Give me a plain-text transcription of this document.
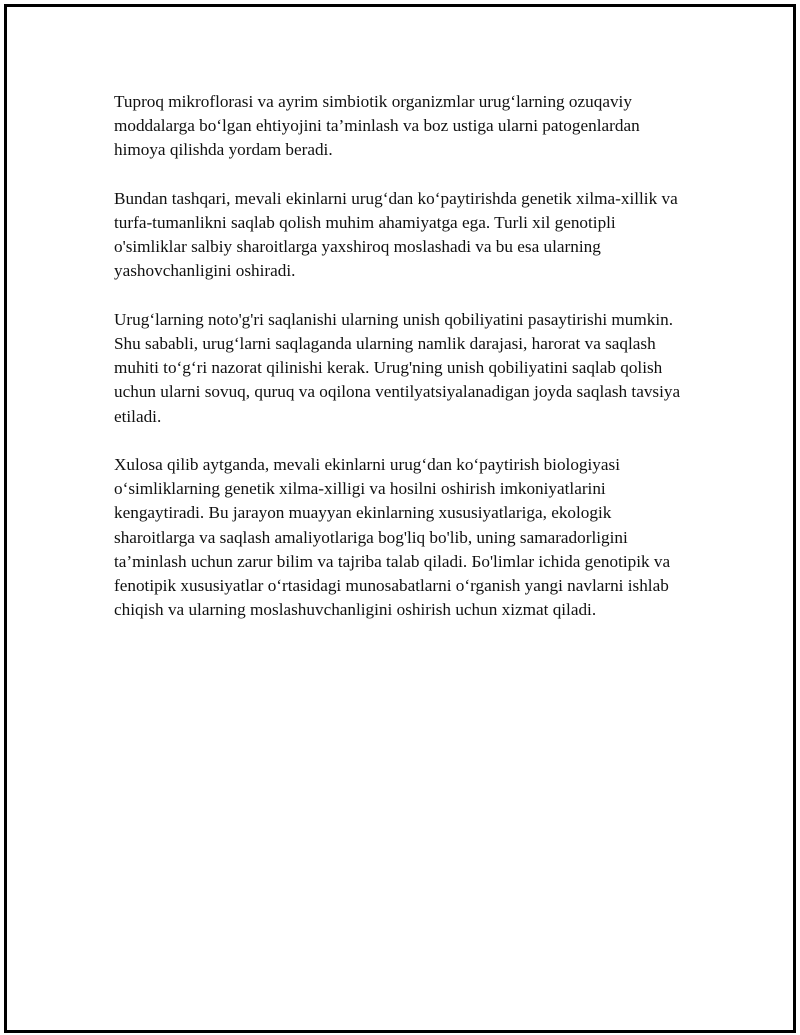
Tuproq mikroflorasi va ayrim simbiotik organizmlar urug‘larning ozuqaviy moddalarga bo‘lgan ehtiyojini ta’minlash va boz ustiga ularni patogenlardan himoya qilishda yordam beradi.

Bundan tashqari, mevali ekinlarni urug‘dan ko‘paytirishda genetik xilma-xillik va turfa-tumanlikni saqlab qolish muhim ahamiyatga ega. Turli xil genotipli o'simliklar salbiy sharoitlarga yaxshiroq moslashadi va bu esa ularning yashovchanligini oshiradi.

Urug‘larning noto'g'ri saqlanishi ularning unish qobiliyatini pasaytirishi mumkin. Shu sababli, urug‘larni saqlaganda ularning namlik darajasi, harorat va saqlash muhiti to‘g‘ri nazorat qilinishi kerak. Urug'ning unish qobiliyatini saqlab qolish uchun ularni sovuq, quruq va oqilona ventilyatsiyalanadigan joyda saqlash tavsiya etiladi.

Xulosa qilib aytganda, mevali ekinlarni urug‘dan ko‘paytirish biologiyasi o‘simliklarning genetik xilma-xilligi va hosilni oshirish imkoniyatlarini kengaytiradi. Bu jarayon muayyan ekinlarning xususiyatlariga, ekologik sharoitlarga va saqlash amaliyotlariga bog'liq bo'lib, uning samaradorligini ta’minlash uchun zarur bilim va tajriba talab qiladi. Бo'limlar ichida genotipik va fenotipik xususiyatlar o‘rtasidagi munosabatlarni o‘rganish yangi navlarni ishlab chiqish va ularning moslashuvchanligini oshirish uchun xizmat qiladi.
